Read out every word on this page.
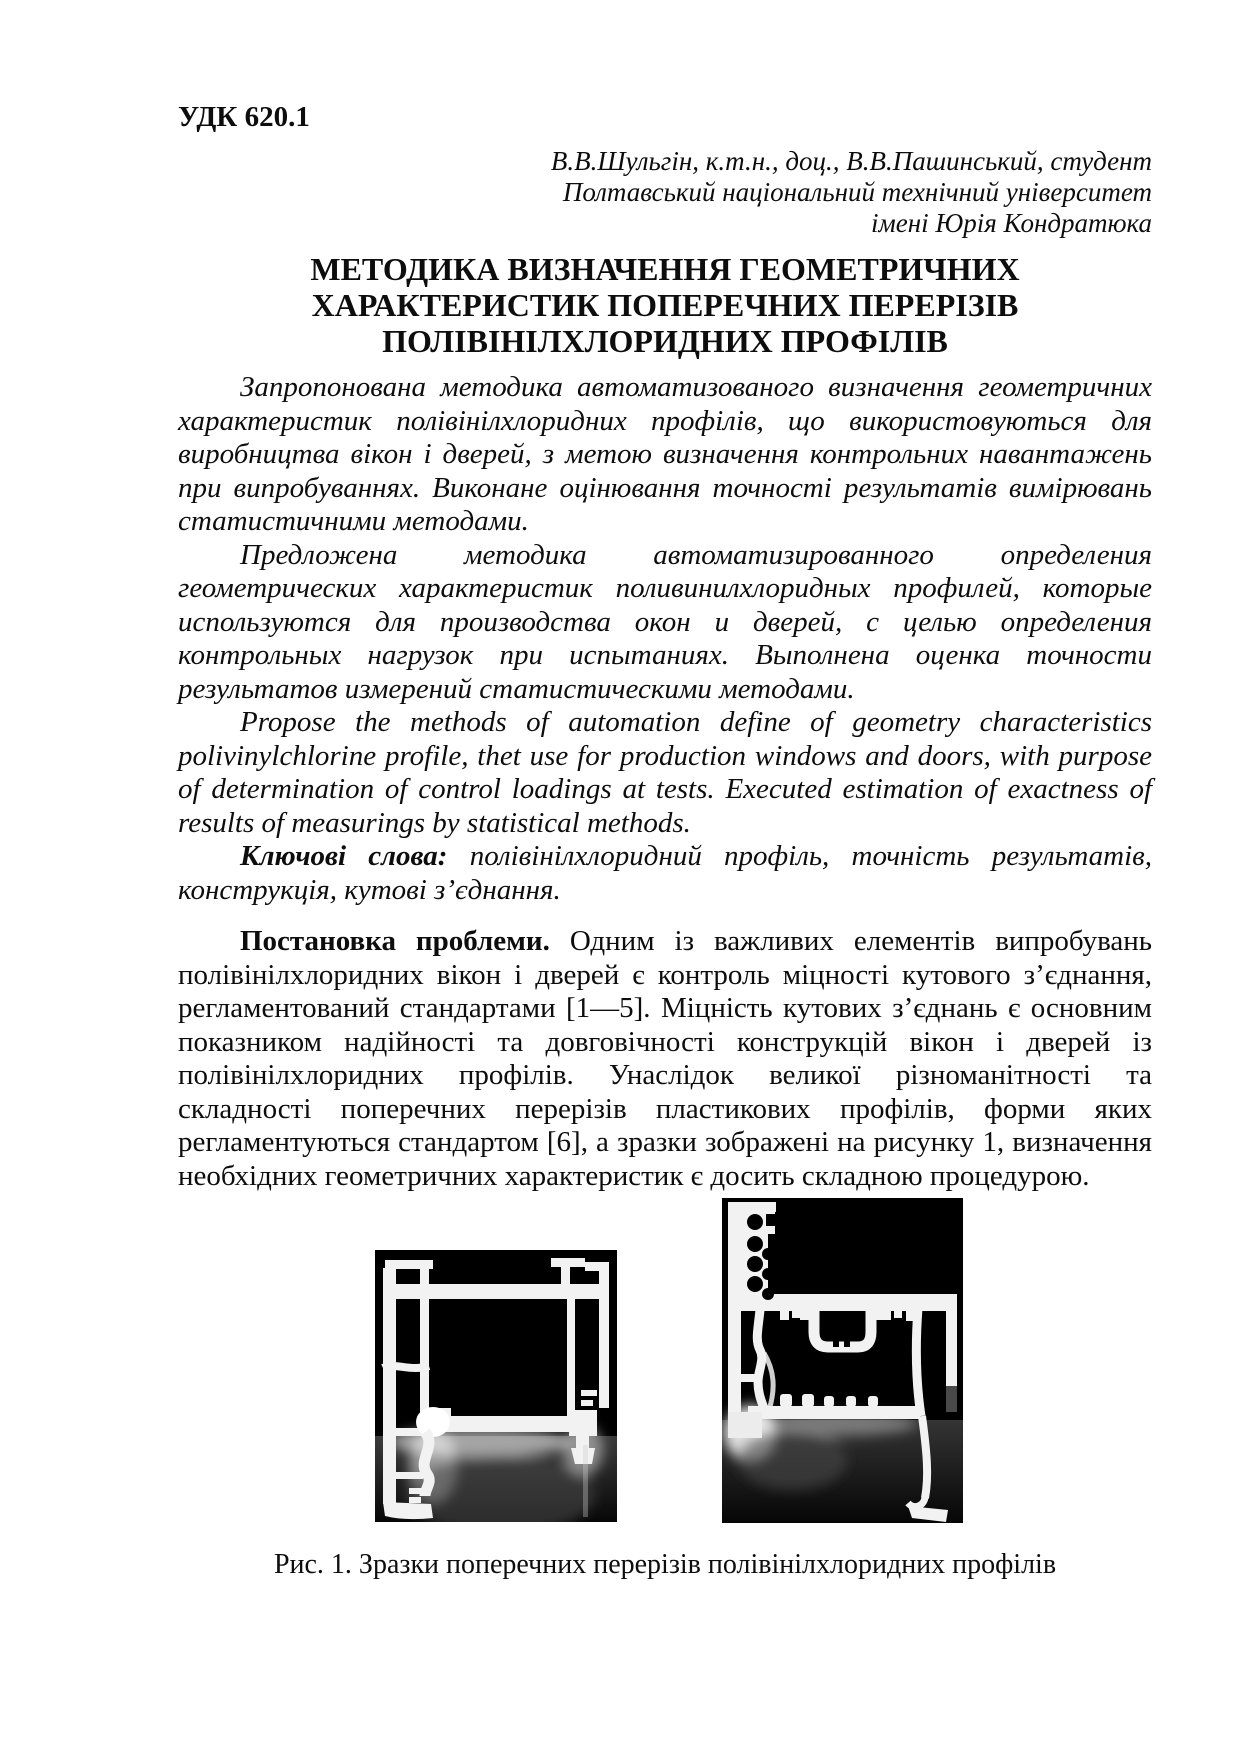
УДК 620.1
В.В.Шульгін, к.т.н., доц., В.В.Пашинський, студент
Полтавський національний технічний університет
імені Юрія Кондратюка
МЕТОДИКА ВИЗНАЧЕННЯ ГЕОМЕТРИЧНИХ ХАРАКТЕРИСТИК ПОПЕРЕЧНИХ ПЕРЕРІЗІВ ПОЛІВІНІЛХЛОРИДНИХ ПРОФІЛІВ

Запропонована методика автоматизованого визначення геометричних характеристик полівінілхлоридних профілів, що використовуються для виробництва вікон і дверей, з метою визначення контрольних навантажень при випробуваннях. Виконане оцінювання точності результатів вимірювань статистичними методами.

Предложена методика автоматизированного определения геометрических характеристик поливинилхлоридных профилей, которые используются для производства окон и дверей, с целью определения контрольных нагрузок при испытаниях. Выполнена оценка точности результатов измерений статистическими методами.

Propose the methods of automation define of geometry characteristics polivinylchlorine profile, thet use for production windows and doors, with purpose of determination of control loadings at tests. Executed estimation of exactness of results of measurings by statistical methods.

Ключові слова: полівінілхлоридний профіль, точність результатів, конструкція, кутові з’єднання.

Постановка проблеми. Одним із важливих елементів випробувань полівінілхлоридних вікон і дверей є контроль міцності кутового з’єднання, регламентований стандартами [1—5]. Міцність кутових з’єднань є основним показником надійності та довговічності конструкцій вікон і дверей із полівінілхлоридних профілів. Унаслідок великої різноманітності та складності поперечних перерізів пластикових профілів, форми яких регламентуються стандартом [6], а зразки зображені на рисунку 1, визначення необхідних геометричних характеристик є досить складною процедурою.

Рис. 1. Зразки поперечних перерізів полівінілхлоридних профілів
